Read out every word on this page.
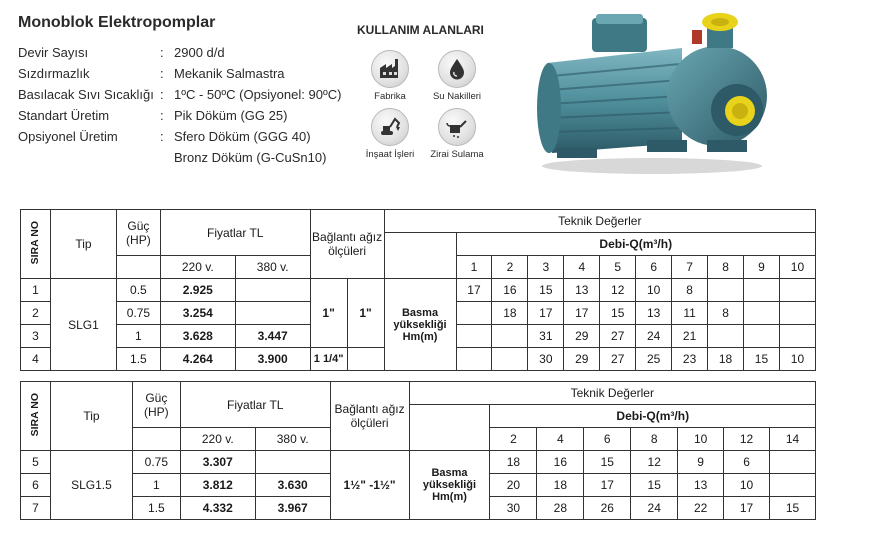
Monoblok Elektropomplar
Devir Sayısı	: 2900 d/d
Sızdırmazlık	: Mekanik Salmastra
Basılacak Sıvı Sıcaklığı : 1ºC - 50ºC (Opsiyonel: 90ºC)
Standart Üretim	: Pik Döküm (GG 25)
Opsiyonel Üretim	: Sfero Döküm (GGG 40)
Bronz Döküm (G-CuSn10)
KULLANIM ALANLARI
Fabrika	Su Nakilleri
İnşaat İşleri	Zirai Sulama
SIRA NO	Tip	Güç (HP)	Fiyatlar TL		Bağlantı ağız ölçüleri		Teknik Değerler										
								Debi-Q(m³/h)									
			220 v.	380 v.				1	2	3	4	5	6	7	8	9	10
1	SLG1	0.5	2.925		1"	1"	Basma yüksekliği Hm(m)	17	16	15	13	12	10	8			
2		0.75	3.254						18	17	17	15	13	11	8		
3		1	3.628	3.447						31	29	27	24	21			
4		1.5	4.264	3.900	1 1/4"					30	29	27	25	23	18	15	10
SIRA NO	Tip	Güç (HP)	Fiyatlar TL		Bağlantı ağız ölçüleri	Teknik Değerler							
							Debi-Q(m³/h)						
			220 v.	380 v.			2	4	6	8	10	12	14
5	SLG1.5	0.75	3.307		1½" -1½"	Basma yüksekliği Hm(m)	18	16	15	12	9	6	
6		1	3.812	3.630			20	18	17	15	13	10	
7		1.5	4.332	3.967			30	28	26	24	22	17	15
